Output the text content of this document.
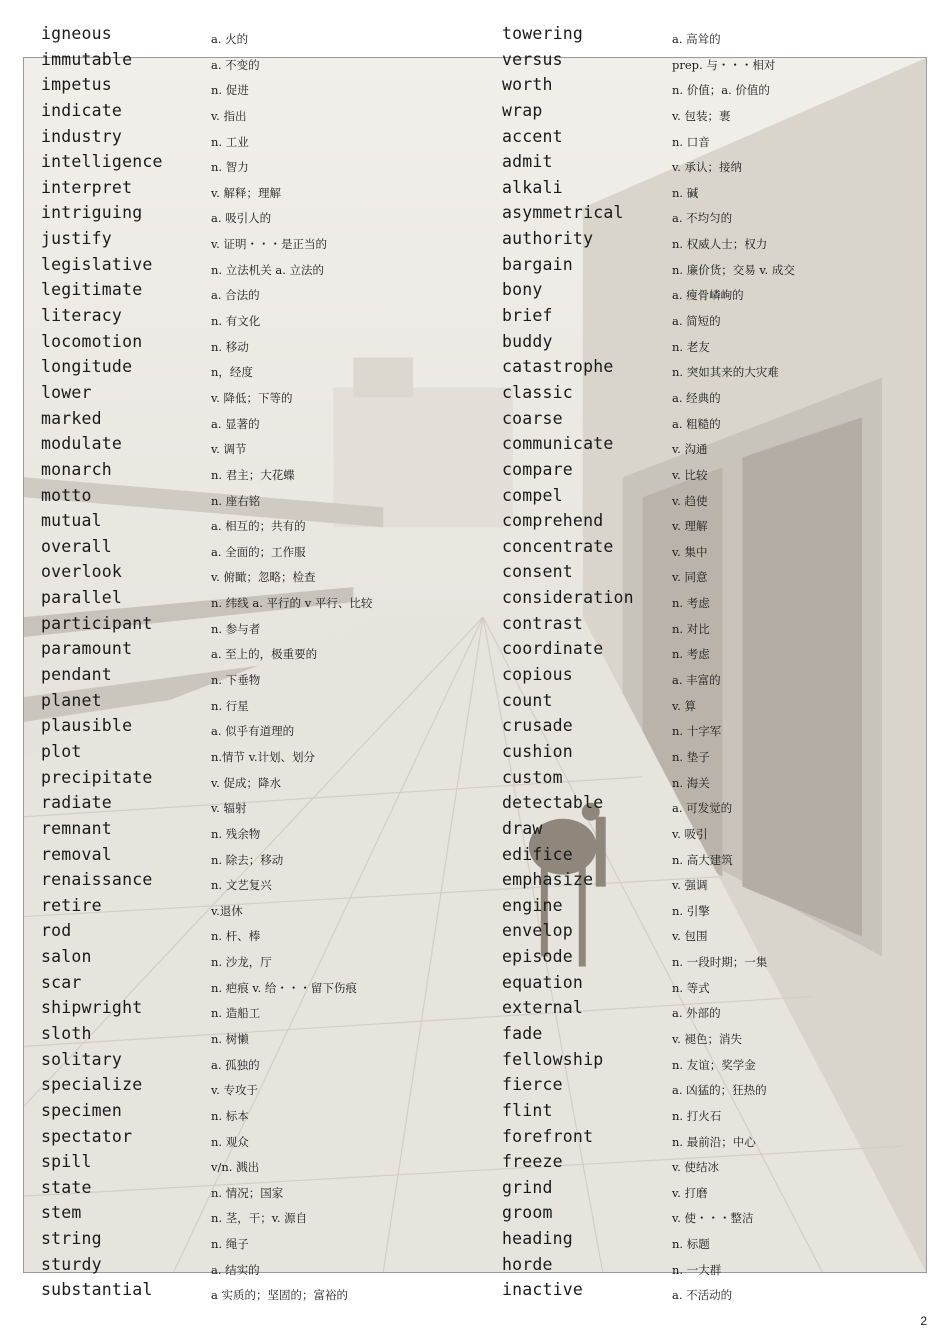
igneous	a. 火的
immutable	a. 不变的
impetus	n. 促进
indicate	v. 指出
industry	n. 工业
intelligence	n. 智力
interpret	v. 解释；理解
intriguing	a. 吸引人的
justify	v. 证明・・・是正当的
legislative	n. 立法机关 a. 立法的
legitimate	a. 合法的
literacy	n. 有文化
locomotion	n. 移动
longitude	n，经度
lower	v. 降低；下等的
marked	a. 显著的
modulate	v. 调节
monarch	n. 君主；大花蝶
motto	n. 座右铭
mutual	a. 相互的；共有的
overall	a. 全面的；工作服
overlook	v. 俯瞰；忽略；检查
parallel	n. 纬线 a. 平行的 v 平行、比较
participant	n. 参与者
paramount	a. 至上的，极重要的
pendant	n. 下垂物
planet	n. 行星
plausible	a. 似乎有道理的
plot	n.情节 v.计划、划分
precipitate	v. 促成；降水
radiate	v. 辐射
remnant	n. 残余物
removal	n. 除去；移动
renaissance	n. 文艺复兴
retire	v.退休
rod	n. 杆、棒
salon	n. 沙龙，厅
scar	n. 疤痕 v. 给・・・留下伤痕
shipwright	n. 造船工
sloth	n. 树懒
solitary	a. 孤独的
specialize	v. 专攻于
specimen	n. 标本
spectator	n. 观众
spill	v/n. 溅出
state	n. 情况；国家
stem	n. 茎，干；v. 源自
string	n. 绳子
sturdy	a. 结实的
substantial	a 实质的；坚固的；富裕的
towering	a. 高耸的
versus	prep. 与・・・相对
worth	n. 价值；a. 价值的
wrap	v. 包装；裹
accent	n. 口音
admit	v. 承认；接纳
alkali	n. 碱
asymmetrical	a. 不均匀的
authority	n. 权威人士；权力
bargain	n. 廉价货；交易 v. 成交
bony	a. 瘦骨嶙峋的
brief	a. 简短的
buddy	n. 老友
catastrophe	n. 突如其来的大灾难
classic	a. 经典的
coarse	a. 粗糙的
communicate	v. 沟通
compare	v. 比较
compel	v. 趋使
comprehend	v. 理解
concentrate	v. 集中
consent	v. 同意
consideration	n. 考虑
contrast	n. 对比
coordinate	n. 考虑
copious	a. 丰富的
count	v. 算
crusade	n. 十字军
cushion	n. 垫子
custom	n. 海关
detectable	a. 可发觉的
draw	v. 吸引
edifice	n. 高大建筑
emphasize	v. 强调
engine	n. 引擎
envelop	v. 包围
episode	n. 一段时期；一集
equation	n. 等式
external	a. 外部的
fade	v. 褪色；消失
fellowship	n. 友谊；奖学金
fierce	a. 凶猛的；狂热的
flint	n. 打火石
forefront	n. 最前沿；中心
freeze	v. 使结冰
grind	v. 打磨
groom	v. 使・・・整洁
heading	n. 标题
horde	n. 一大群
inactive	a. 不活动的
2
